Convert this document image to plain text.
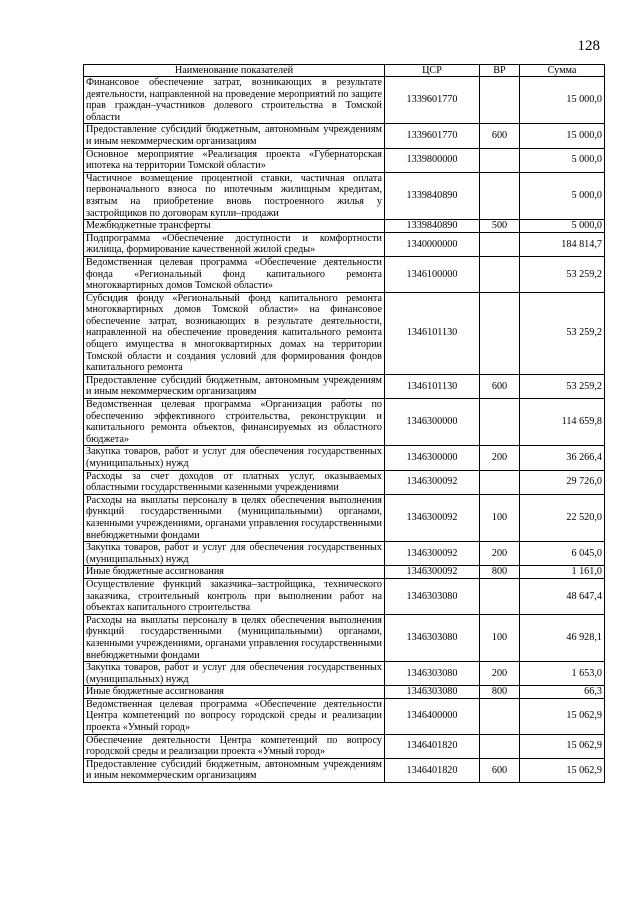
128
Наименование показателей	ЦСР	ВР	Сумма
Финансовое обеспечение затрат, возникающих в результате деятельности, направленной на проведение мероприятий по защите прав граждан–участников долевого строительства в Томской области	1339601770		15 000,0
Предоставление субсидий бюджетным, автономным учреждениям и иным некоммерческим организациям	1339601770	600	15 000,0
Основное мероприятие «Реализация проекта «Губернаторская ипотека на территории Томской области»	1339800000		5 000,0
Частичное возмещение процентной ставки, частичная оплата первоначального взноса по ипотечным жилищным кредитам, взятым на приобретение вновь построенного жилья у застройщиков по договорам купли–продажи	1339840890		5 000,0
Межбюджетные трансферты	1339840890	500	5 000,0
Подпрограмма «Обеспечение доступности и комфортности жилища, формирование качественной жилой среды»	1340000000		184 814,7
Ведомственная целевая программа «Обеспечение деятельности фонда «Региональный фонд капитального ремонта многоквартирных домов Томской области»	1346100000		53 259,2
Субсидия фонду «Региональный фонд капитального ремонта многоквартирных домов Томской области» на финансовое обеспечение затрат, возникающих в результате деятельности, направленной на обеспечение проведения капитального ремонта общего имущества в многоквартирных домах на территории Томской области и создания условий для формирования фондов капитального ремонта	1346101130		53 259,2
Предоставление субсидий бюджетным, автономным учреждениям и иным некоммерческим организациям	1346101130	600	53 259,2
Ведомственная целевая программа «Организация работы по обеспечению эффективного строительства, реконструкции и капитального ремонта объектов, финансируемых из областного бюджета»	1346300000		114 659,8
Закупка товаров, работ и услуг для обеспечения государственных (муниципальных) нужд	1346300000	200	36 266,4
Расходы за счет доходов от платных услуг, оказываемых областными государственными казенными учреждениями	1346300092		29 726,0
Расходы на выплаты персоналу в целях обеспечения выполнения функций государственными (муниципальными) органами, казенными учреждениями, органами управления государственными внебюджетными фондами	1346300092	100	22 520,0
Закупка товаров, работ и услуг для обеспечения государственных (муниципальных) нужд	1346300092	200	6 045,0
Иные бюджетные ассигнования	1346300092	800	1 161,0
Осуществление функций заказчика–застройщика, технического заказчика, строительный контроль при выполнении работ на объектах капитального строительства	1346303080		48 647,4
Расходы на выплаты персоналу в целях обеспечения выполнения функций государственными (муниципальными) органами, казенными учреждениями, органами управления государственными внебюджетными фондами	1346303080	100	46 928,1
Закупка товаров, работ и услуг для обеспечения государственных (муниципальных) нужд	1346303080	200	1 653,0
Иные бюджетные ассигнования	1346303080	800	66,3
Ведомственная целевая программа «Обеспечение деятельности Центра компетенций по вопросу городской среды и реализации проекта «Умный город»	1346400000		15 062,9
Обеспечение деятельности Центра компетенций по вопросу городской среды и реализации проекта «Умный город»	1346401820		15 062,9
Предоставление субсидий бюджетным, автономным учреждениям и иным некоммерческим организациям	1346401820	600	15 062,9
